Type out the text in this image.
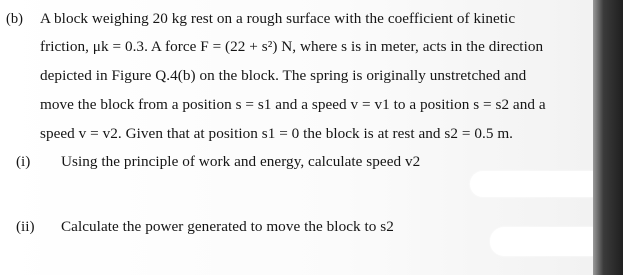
(b) A block weighing 20 kg rest on a rough surface with the coefficient of kinetic
friction, μk = 0.3. A force F = (22 + s²) N, where s is in meter, acts in the direction
depicted in Figure Q.4(b) on the block. The spring is originally unstretched and
move the block from a position s = s1 and a speed v = v1 to a position s = s2 and a
speed v = v2. Given that at position s1 = 0 the block is at rest and s2 = 0.5 m.
(i) Using the principle of work and energy, calculate speed v2
(ii) Calculate the power generated to move the block to s2
